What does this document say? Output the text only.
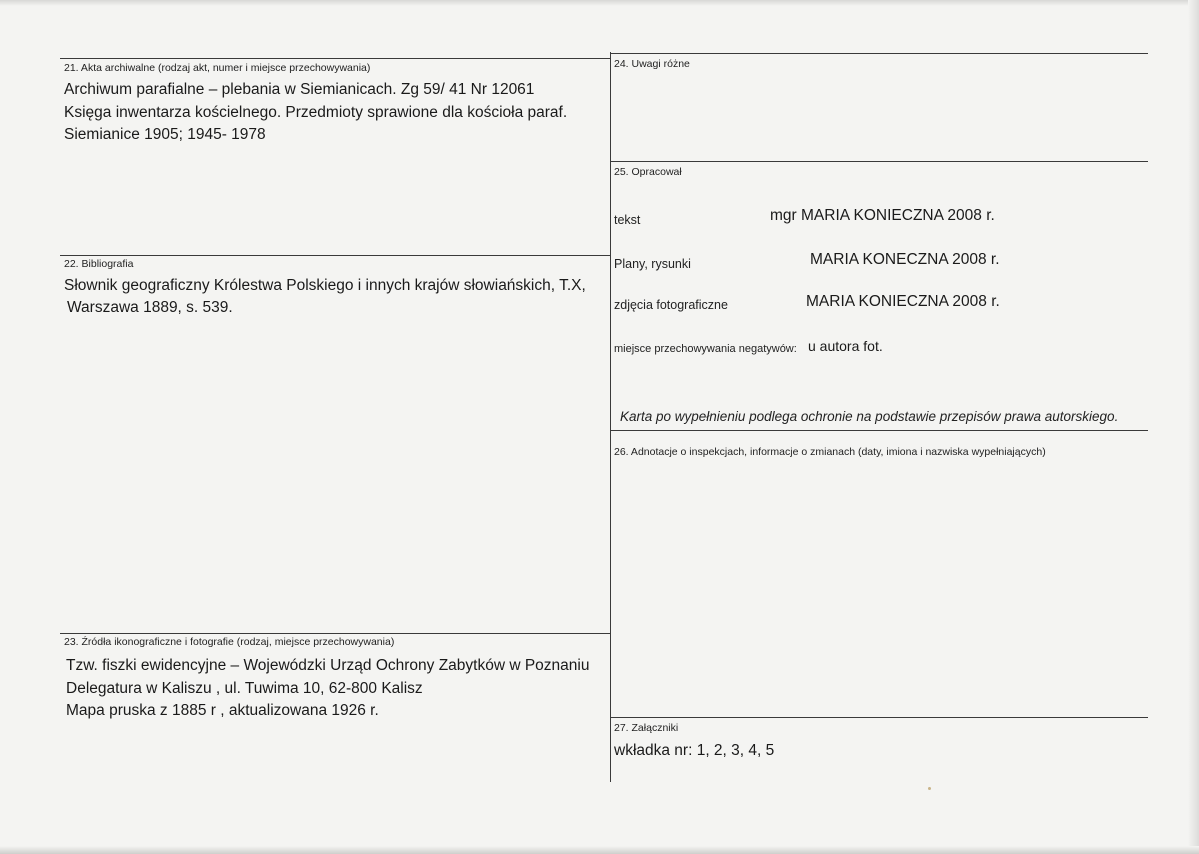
21. Akta archiwalne (rodzaj akt, numer i miejsce przechowywania)
Archiwum parafialne – plebania w Siemianicach. Zg 59/ 41 Nr 12061
Księga inwentarza kościelnego. Przedmioty sprawione dla kościoła paraf.
Siemianice 1905; 1945- 1978
22. Bibliografia
Słownik geograficzny Królestwa Polskiego i innych krajów słowiańskich, T.X,
Warszawa 1889, s. 539.
23. Źródła ikonograficzne i fotografie (rodzaj, miejsce przechowywania)
Tzw. fiszki ewidencyjne – Wojewódzki Urząd Ochrony Zabytków w Poznaniu
Delegatura w Kaliszu , ul. Tuwima 10, 62-800 Kalisz
Mapa pruska z 1885 r , aktualizowana 1926 r.
24. Uwagi różne
25. Opracował
tekst	mgr MARIA KONIECZNA 2008 r.
Plany, rysunki	MARIA KONECZNA 2008 r.
zdjęcia fotograficzne	MARIA KONIECZNA 2008 r.
miejsce przechowywania negatywów: u autora fot.
Karta po wypełnieniu podlega ochronie na podstawie przepisów prawa autorskiego.
26. Adnotacje o inspekcjach, informacje o zmianach (daty, imiona i nazwiska wypełniających)
27. Załączniki
wkładka nr: 1, 2, 3, 4, 5
